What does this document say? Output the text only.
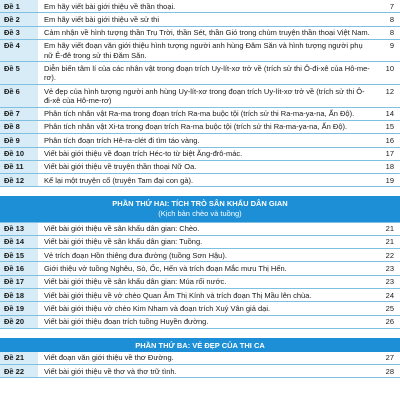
Đề 1	Em hãy viết bài giới thiệu về thần thoại.	7
Đề 2	Em hãy viết bài giới thiệu về sử thi	8
Đề 3	Cảm nhận về hình tượng thần Trụ Trời, thần Sét, thần Gió trong chùm truyện thần thoại Việt Nam.	8
Đề 4	Em hãy viết đoạn văn giới thiệu hình tượng người anh hùng Đăm Săn và hình tượng người phụ nữ Ê-đê trong sử thi Đăm Săn.	9
Đề 5	Diễn biến tâm lí của các nhân vật trong đoạn trích Uy-lít-xơ trở về (trích sử thi Ô-đi-xê của Hô-me-rơ).	10
Đề 6	Vẻ đẹp của hình tượng người anh hùng Uy-lít-xơ trong đoạn trích Uy-lít-xơ trở về (trích sử thi Ô-đi-xê của Hô-me-rơ)	12
Đề 7	Phân tích nhân vật Ra-ma trong đoạn trích Ra-ma buộc tội (trích sử thi Ra-ma-ya-na, Ấn Độ).	14
Đề 8	Phân tích nhân vật Xi-ta trong đoạn trích Ra-ma buộc tội (trích sử thi Ra-ma-ya-na, Ấn Độ).	15
Đề 9	Phân tích đoạn trích Hê-ra-clét đi tìm táo vàng.	16
Đề 10	Viết bài giới thiệu về đoạn trích Héc-to từ biệt Ăng-đrô-mác.	17
Đề 11	Viết bài giới thiệu về truyện thần thoại Nữ Oa.	18
Đề 12	Kể lại một truyện cổ (truyện Tam đại con gà).	19

PHẦN THỨ HAI: TÍCH TRÒ SÂN KHẤU DÂN GIAN		
(Kịch bản chèo và tuồng)		
Đề 13	Viết bài giới thiệu về sân khấu dân gian: Chèo.	21
Đề 14	Viết bài giới thiệu về sân khấu dân gian: Tuồng.	21
Đề 15	Vẻ trích đoạn Hồn thiêng đưa đường (tuồng Sơn Hậu).	22
Đề 16	Giới thiệu vở tuồng Nghêu, Sò, Ốc, Hến và trích đoạn Mắc mưu Thị Hến.	23
Đề 17	Viết bài giới thiệu về sân khấu dân gian: Múa rối nước.	23
Đề 18	Viết bài giới thiệu về vở chèo Quan Âm Thị Kính và trích đoạn Thị Mầu lên chùa.	24
Đề 19	Viết bài giới thiệu vở chèo Kim Nham và đoạn trích Xuý Vân giả dại.	25
Đề 20	Viết bài giới thiệu đoạn trích tuồng Huyền đường.	26

PHẦN THỨ BA: VẺ ĐẸP CỦA THI CA		
Đề 21	Viết đoạn văn giới thiệu về thơ Đường.	27
Đề 22	Viết bài giới thiệu về thơ và thơ trữ tình.	28
